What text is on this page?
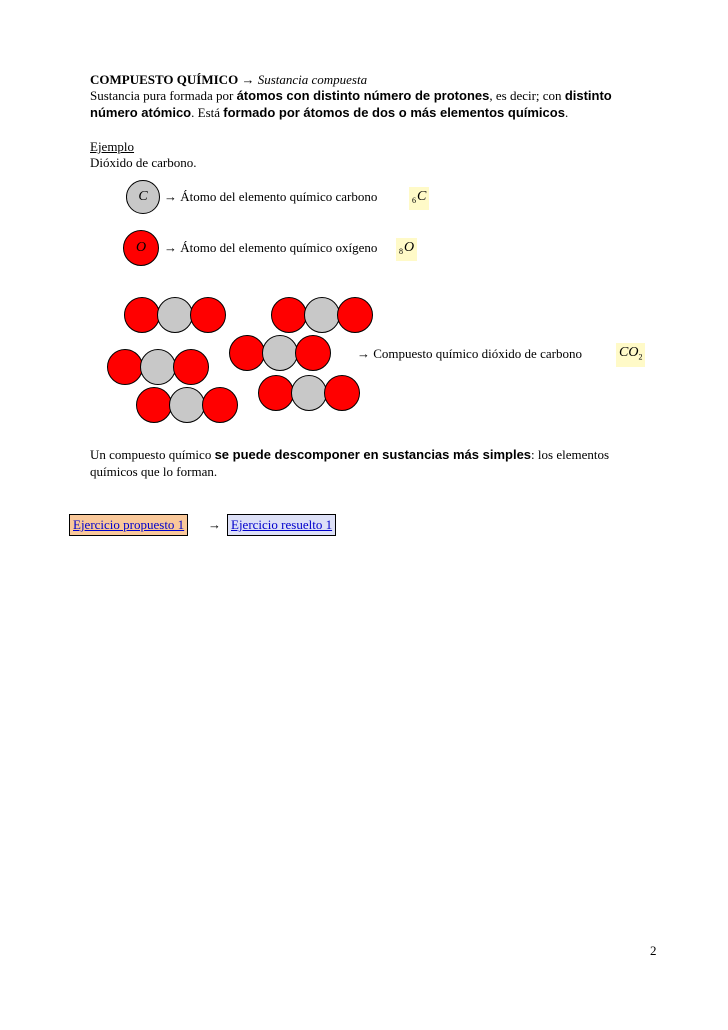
COMPUESTO QUÍMICO → Sustancia compuesta
Sustancia pura formada por átomos con distinto número de protones, es decir; con distinto
número atómico. Está formado por átomos de dos o más elementos químicos.
Ejemplo
Dióxido de carbono.
C → Átomo del elemento químico carbono	$_6$C
O → Átomo del elemento químico oxígeno	$_8$O
→ Compuesto químico dióxido de carbono	$CO_2$
Un compuesto químico se puede descomponer en sustancias más simples: los elementos
químicos que lo forman.
Ejercicio propuesto 1	→ Ejercicio resuelto 1
2
